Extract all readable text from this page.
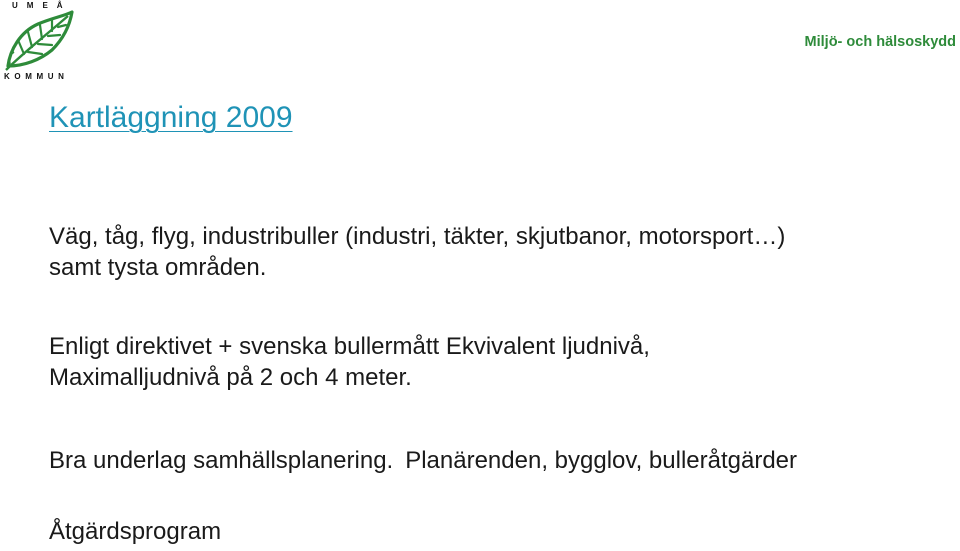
UMEÅ
KOMMUN
Miljö- och hälsoskydd
Kartläggning 2009
Väg, tåg, flyg, industribuller (industri, täkter, skjutbanor, motorsport…)
samt tysta områden.
Enligt direktivet + svenska bullermått Ekvivalent ljudnivå,
Maximalljudnivå på 2 och 4 meter.
Bra underlag samhällsplanering. Planärenden, bygglov, bulleråtgärder
Åtgärdsprogram
